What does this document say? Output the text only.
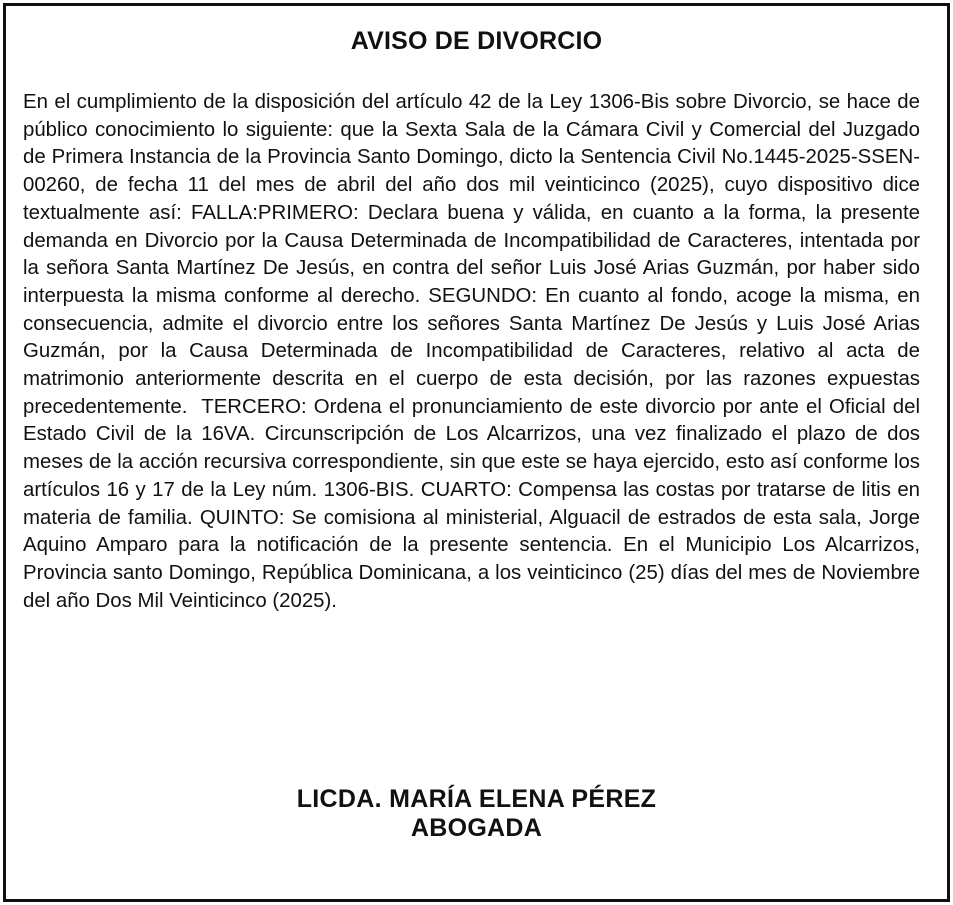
AVISO DE DIVORCIO

En el cumplimiento de la disposición del artículo 42 de la Ley 1306-Bis sobre Divorcio, se hace de público conocimiento lo siguiente: que la Sexta Sala de la Cámara Civil y Comercial del Juzgado de Primera Instancia de la Provincia Santo Domingo, dicto la Sentencia Civil No.1445-2025-SSEN-00260, de fecha 11 del mes de abril del año dos mil veinticinco (2025), cuyo dispositivo dice textualmente así: FALLA:PRIMERO: Declara buena y válida, en cuanto a la forma, la presente demanda en Divorcio por la Causa Determinada de Incompatibilidad de Caracteres, intentada por la señora Santa Martínez De Jesús, en contra del señor Luis José Arias Guzmán, por haber sido interpuesta la misma conforme al derecho. SEGUNDO: En cuanto al fondo, acoge la misma, en consecuencia, admite el divorcio entre los señores Santa Martínez De Jesús y Luis José Arias Guzmán, por la Causa Determinada de Incompatibilidad de Caracteres, relativo al acta de matrimonio anteriormente descrita en el cuerpo de esta decisión, por las razones expuestas precedentemente.  TERCERO: Ordena el pronunciamiento de este divorcio por ante el Oficial del Estado Civil de la 16VA. Circunscripción de Los Alcarrizos, una vez finalizado el plazo de dos meses de la acción recursiva correspondiente, sin que este se haya ejercido, esto así conforme los artículos 16 y 17 de la Ley núm. 1306-BIS. CUARTO: Compensa las costas por tratarse de litis en materia de familia. QUINTO: Se comisiona al ministerial, Alguacil de estrados de esta sala, Jorge Aquino Amparo para la notificación de la presente sentencia. En el Municipio Los Alcarrizos, Provincia santo Domingo, República Dominicana, a los veinticinco (25) días del mes de Noviembre del año Dos Mil Veinticinco (2025).

LICDA. MARÍA ELENA PÉREZ
ABOGADA
